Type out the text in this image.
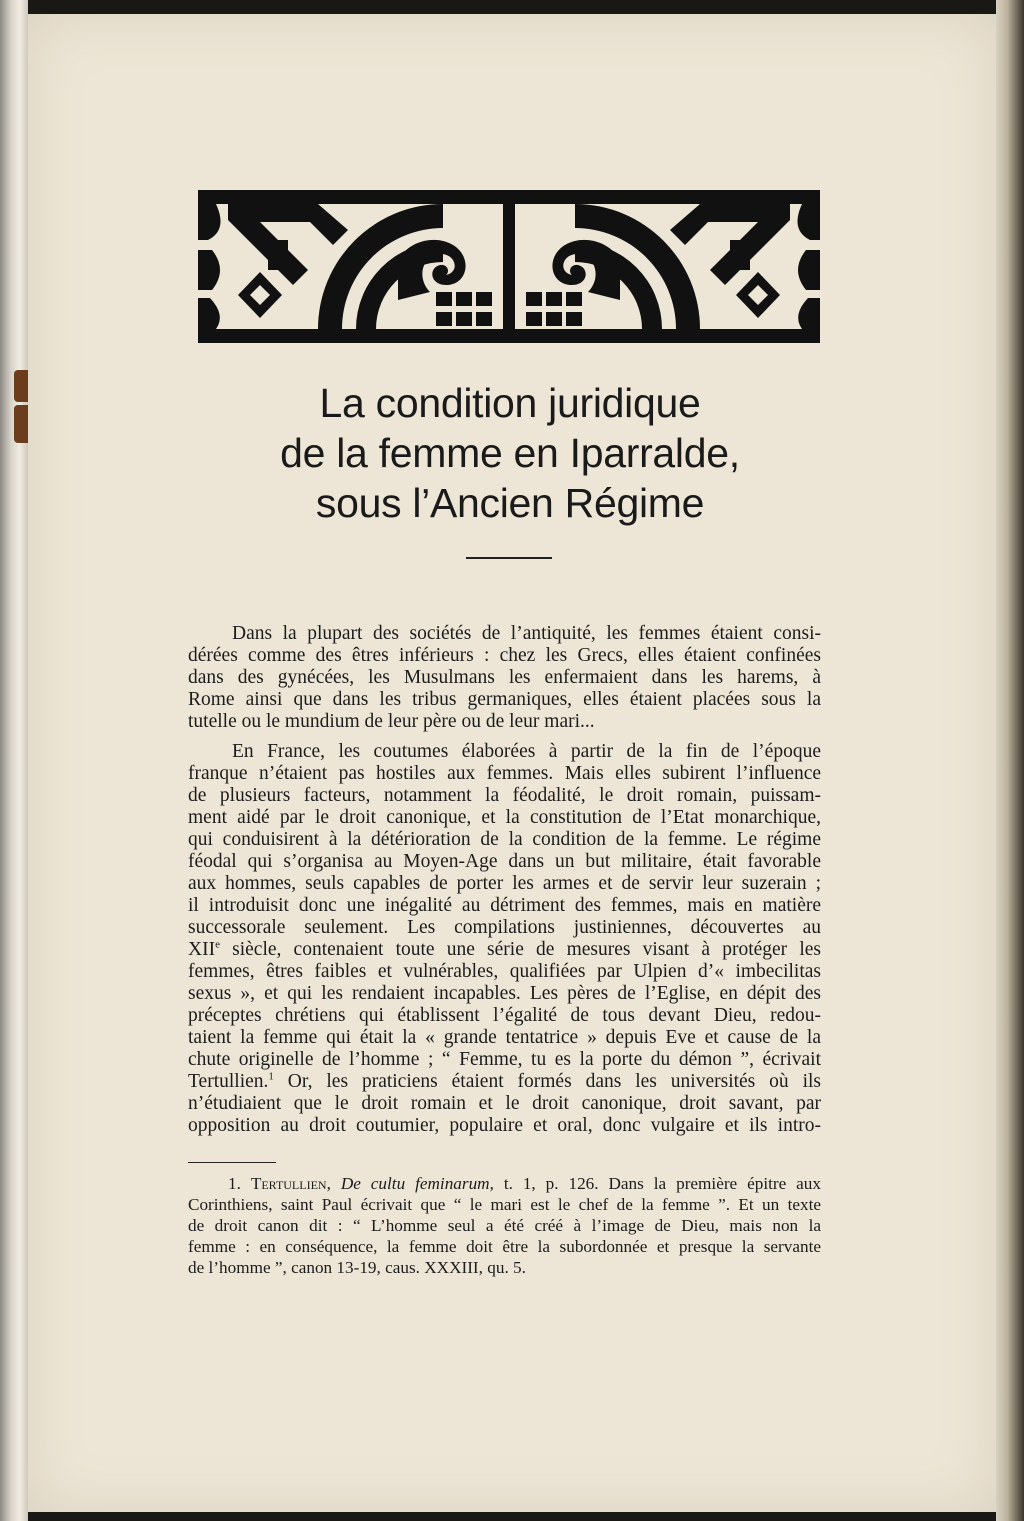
La condition juridique
de la femme en Iparralde,
sous l’Ancien Régime
Dans la plupart des sociétés de l’antiquité, les femmes étaient consi-
dérées comme des êtres inférieurs : chez les Grecs, elles étaient confinées
dans des gynécées, les Musulmans les enfermaient dans les harems, à
Rome ainsi que dans les tribus germaniques, elles étaient placées sous la
tutelle ou le mundium de leur père ou de leur mari...
En France, les coutumes élaborées à partir de la fin de l’époque
franque n’étaient pas hostiles aux femmes. Mais elles subirent l’influence
de plusieurs facteurs, notamment la féodalité, le droit romain, puissam-
ment aidé par le droit canonique, et la constitution de l’Etat monarchique,
qui conduisirent à la détérioration de la condition de la femme. Le régime
féodal qui s’organisa au Moyen-Age dans un but militaire, était favorable
aux hommes, seuls capables de porter les armes et de servir leur suzerain ;
il introduisit donc une inégalité au détriment des femmes, mais en matière
successorale seulement. Les compilations justiniennes, découvertes au
XIIe siècle, contenaient toute une série de mesures visant à protéger les
femmes, êtres faibles et vulnérables, qualifiées par Ulpien d’« imbecilitas
sexus », et qui les rendaient incapables. Les pères de l’Eglise, en dépit des
préceptes chrétiens qui établissent l’égalité de tous devant Dieu, redou-
taient la femme qui était la « grande tentatrice » depuis Eve et cause de la
chute originelle de l’homme ; “ Femme, tu es la porte du démon ”, écrivait
Tertullien.$^1$ Or, les praticiens étaient formés dans les universités où ils
n’étudiaient que le droit romain et le droit canonique, droit savant, par
opposition au droit coutumier, populaire et oral, donc vulgaire et ils intro-
1. Tertullien, De cultu feminarum, t. 1, p. 126. Dans la première épitre aux
Corinthiens, saint Paul écrivait que “ le mari est le chef de la femme ”. Et un texte
de droit canon dit : “ L’homme seul a été créé à l’image de Dieu, mais non la
femme : en conséquence, la femme doit être la subordonnée et presque la servante
de l’homme ”, canon 13-19, caus. XXXIII, qu. 5.
